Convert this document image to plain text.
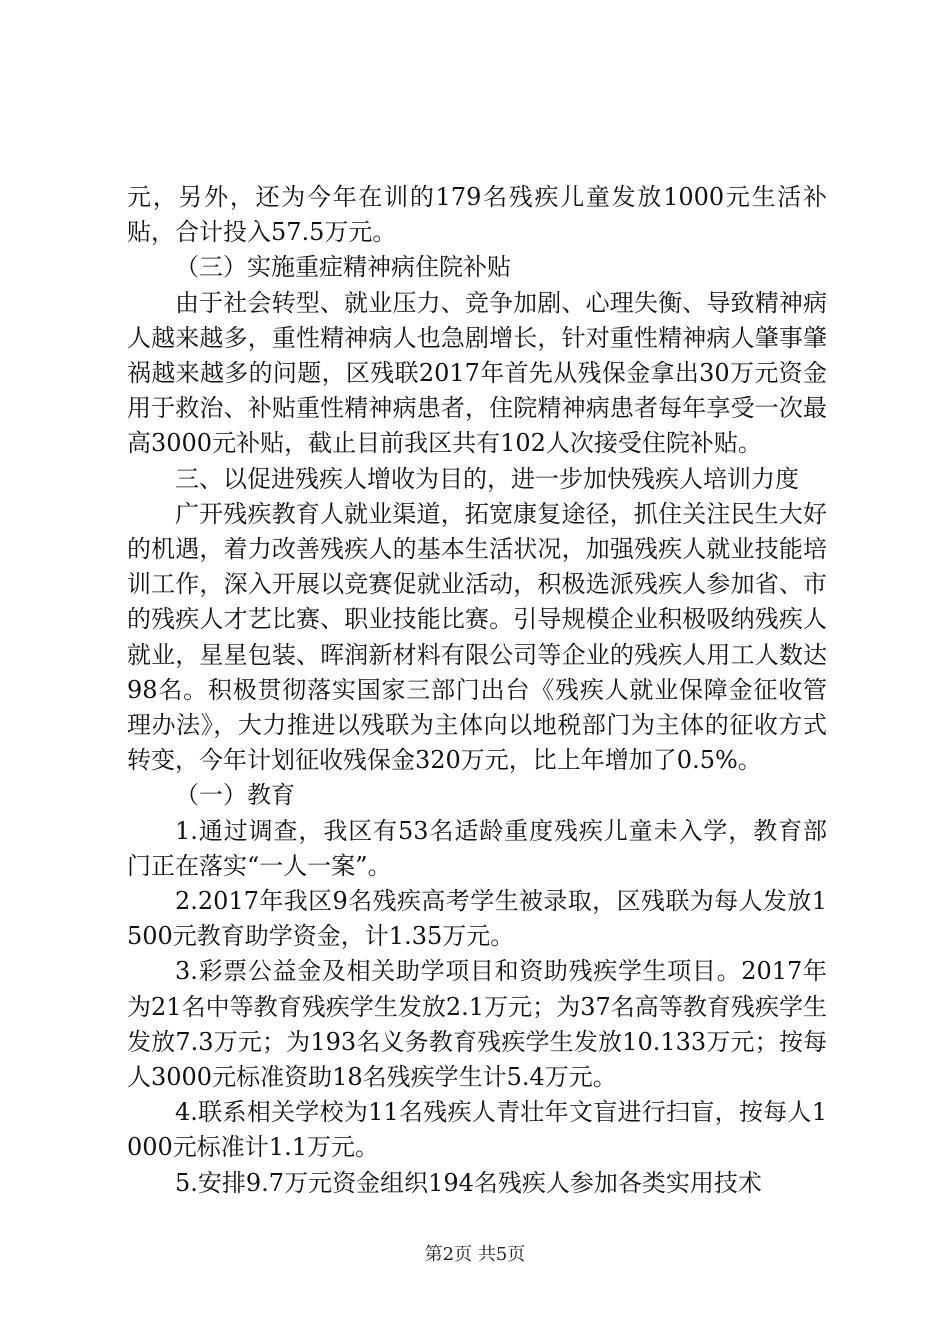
元，另外，还为今年在训的179名残疾儿童发放1000元生活补贴，合计投入57.5万元。

（三）实施重症精神病住院补贴

由于社会转型、就业压力、竞争加剧、心理失衡、导致精神病人越来越多，重性精神病人也急剧增长，针对重性精神病人肇事肇祸越来越多的问题，区残联2017年首先从残保金拿出30万元资金用于救治、补贴重性精神病患者，住院精神病患者每年享受一次最高3000元补贴，截止目前我区共有102人次接受住院补贴。

三、以促进残疾人增收为目的，进一步加快残疾人培训力度

广开残疾教育人就业渠道，拓宽康复途径，抓住关注民生大好的机遇，着力改善残疾人的基本生活状况，加强残疾人就业技能培训工作，深入开展以竞赛促就业活动，积极选派残疾人参加省、市的残疾人才艺比赛、职业技能比赛。引导规模企业积极吸纳残疾人就业，星星包装、晖润新材料有限公司等企业的残疾人用工人数达98名。积极贯彻落实国家三部门出台《残疾人就业保障金征收管理办法》，大力推进以残联为主体向以地税部门为主体的征收方式转变，今年计划征收残保金320万元，比上年增加了0.5%。

（一）教育

1.通过调查，我区有53名适龄重度残疾儿童未入学，教育部门正在落实“一人一案”。

2.2017年我区9名残疾高考学生被录取，区残联为每人发放1500元教育助学资金，计1.35万元。

3.彩票公益金及相关助学项目和资助残疾学生项目。2017年为21名中等教育残疾学生发放2.1万元；为37名高等教育残疾学生发放7.3万元；为193名义务教育残疾学生发放10.133万元；按每人3000元标准资助18名残疾学生计5.4万元。

4.联系相关学校为11名残疾人青壮年文盲进行扫盲，按每人1000元标准计1.1万元。

5.安排9.7万元资金组织194名残疾人参加各类实用技术

第2页 共5页
